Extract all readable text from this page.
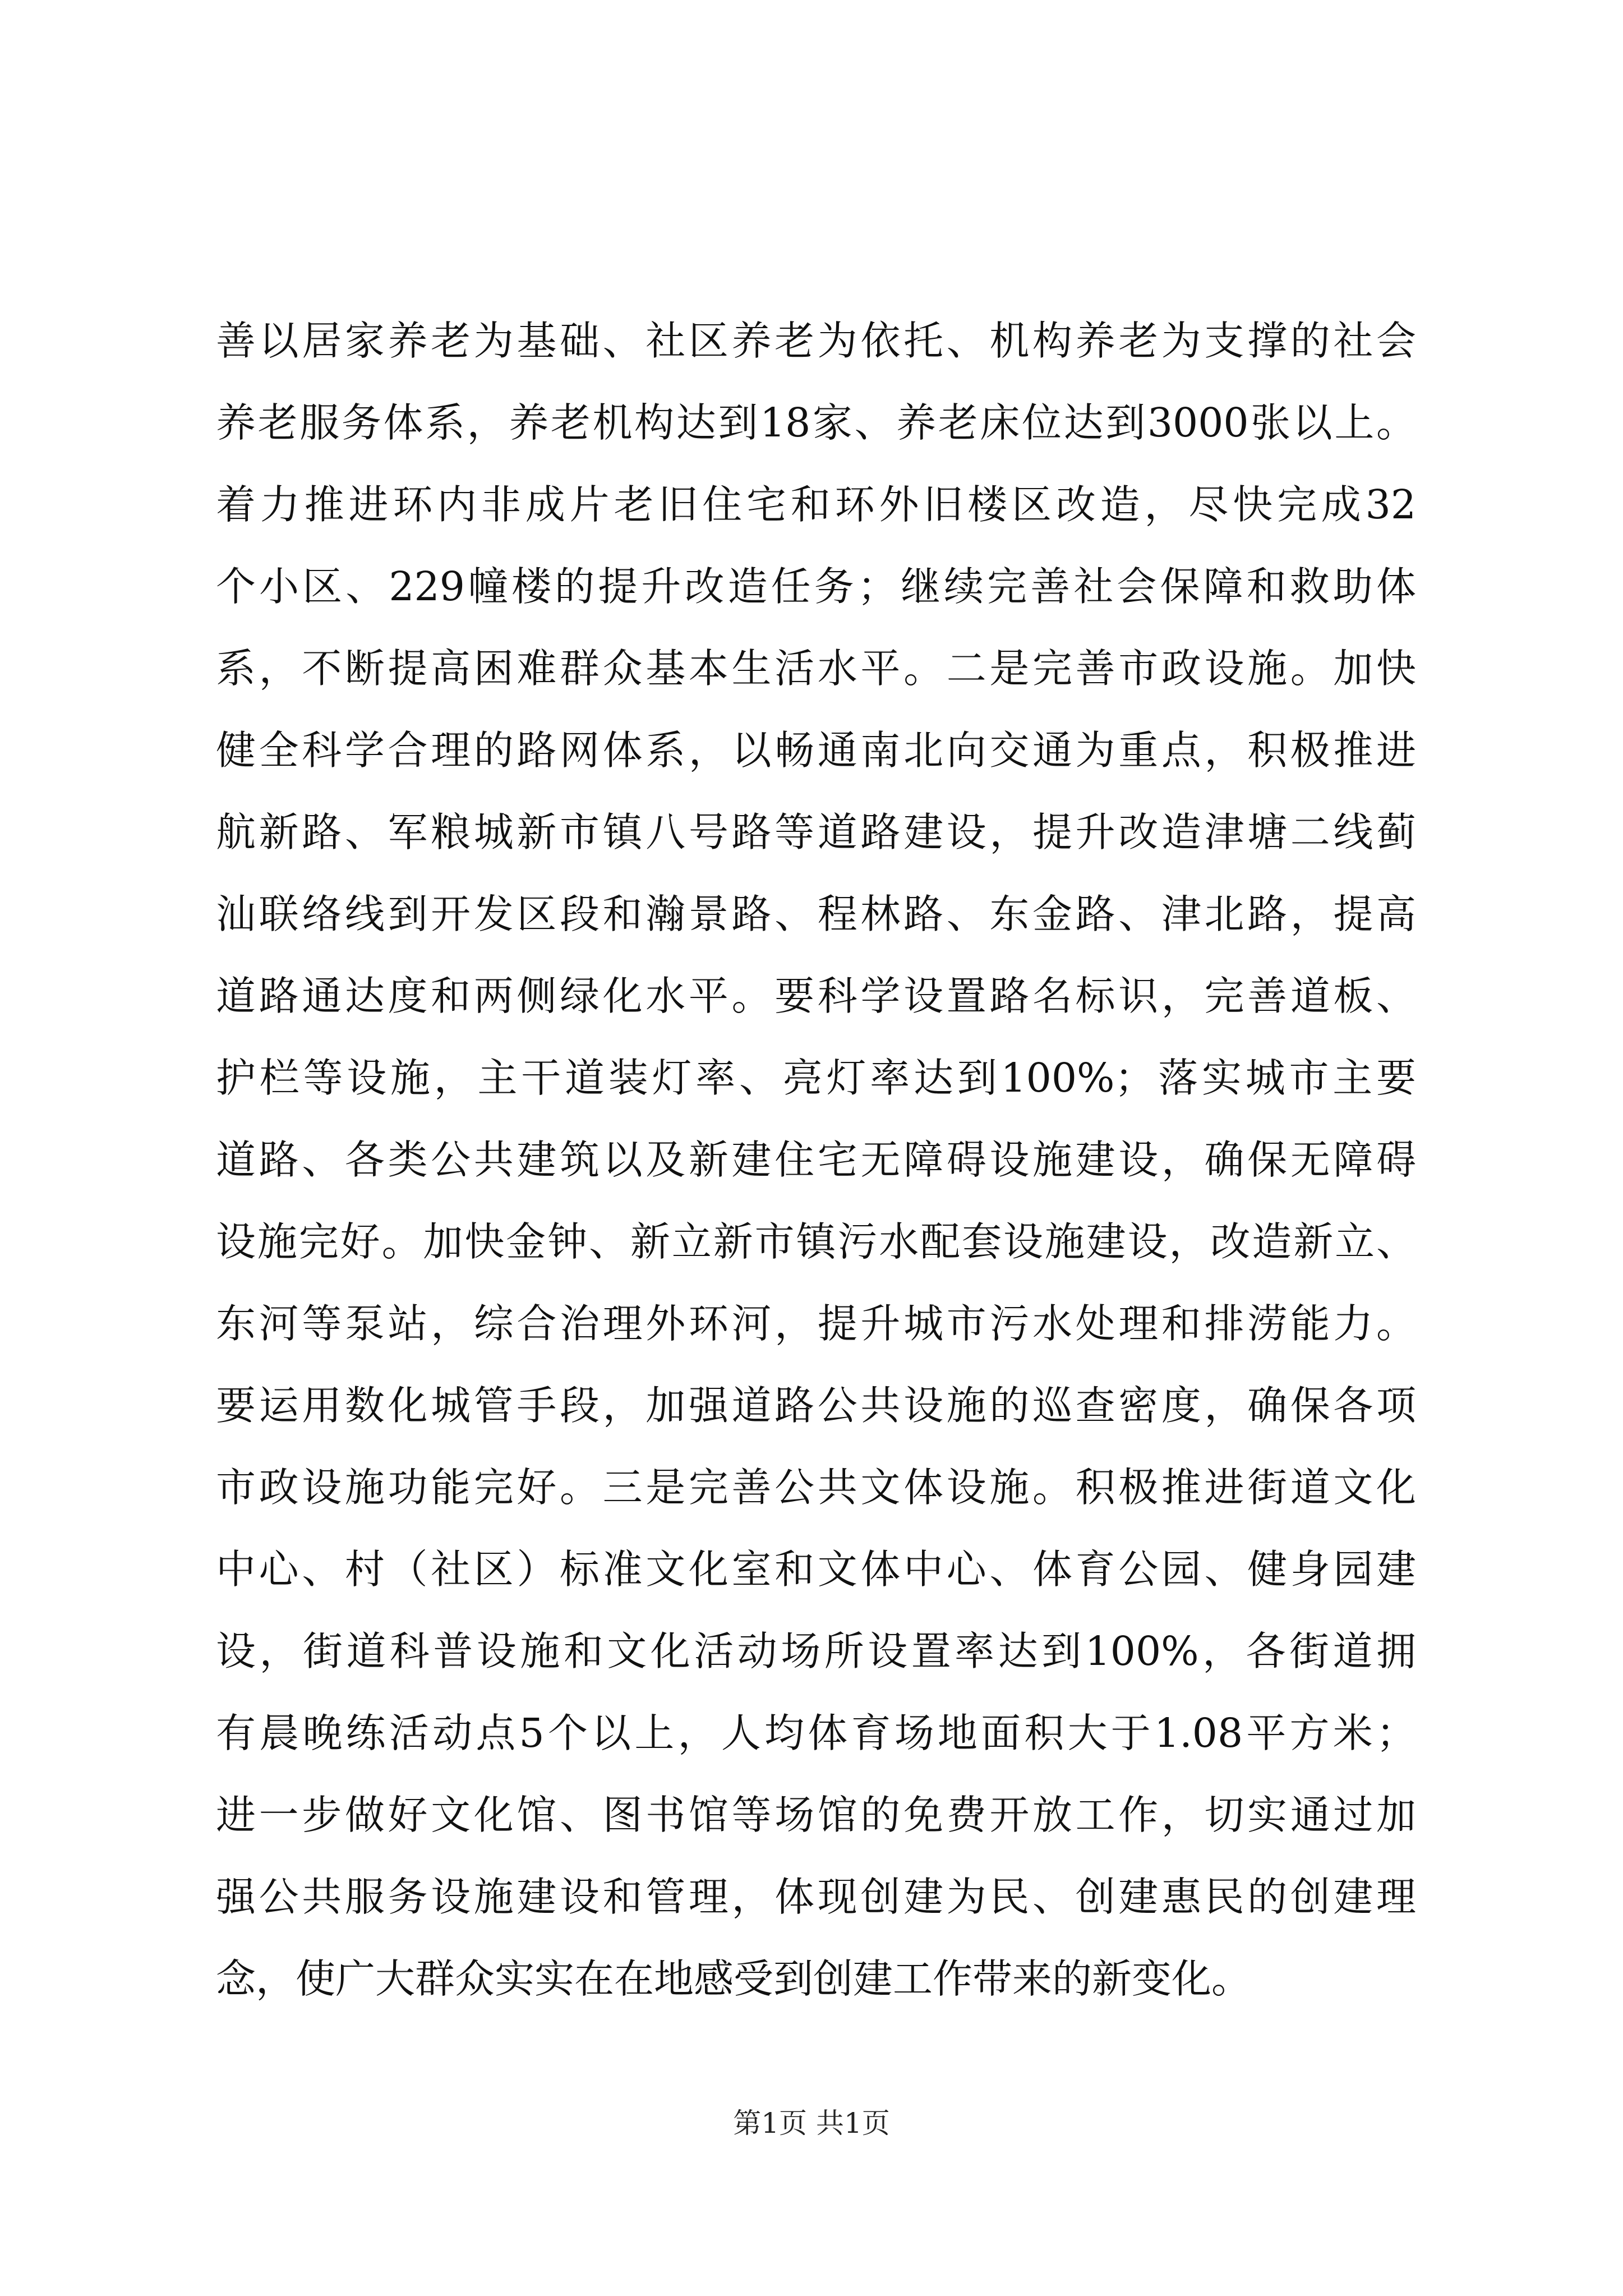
善以居家养老为基础、社区养老为依托、机构养老为支撑的社会
养老服务体系，养老机构达到18家、养老床位达到3000张以上。
着力推进环内非成片老旧住宅和环外旧楼区改造，尽快完成32
个小区、229幢楼的提升改造任务；继续完善社会保障和救助体
系，不断提高困难群众基本生活水平。二是完善市政设施。加快
健全科学合理的路网体系，以畅通南北向交通为重点，积极推进
航新路、军粮城新市镇八号路等道路建设，提升改造津塘二线蓟
汕联络线到开发区段和瀚景路、程林路、东金路、津北路，提高
道路通达度和两侧绿化水平。要科学设置路名标识，完善道板、
护栏等设施，主干道装灯率、亮灯率达到100%；落实城市主要
道路、各类公共建筑以及新建住宅无障碍设施建设，确保无障碍
设施完好。加快金钟、新立新市镇污水配套设施建设，改造新立、
东河等泵站，综合治理外环河，提升城市污水处理和排涝能力。
要运用数化城管手段，加强道路公共设施的巡查密度，确保各项
市政设施功能完好。三是完善公共文体设施。积极推进街道文化
中心、村（社区）标准文化室和文体中心、体育公园、健身园建
设，街道科普设施和文化活动场所设置率达到100%，各街道拥
有晨晚练活动点5个以上，人均体育场地面积大于1.08平方米；
进一步做好文化馆、图书馆等场馆的免费开放工作，切实通过加
强公共服务设施建设和管理，体现创建为民、创建惠民的创建理
念，使广大群众实实在在地感受到创建工作带来的新变化。
第1页 共1页
